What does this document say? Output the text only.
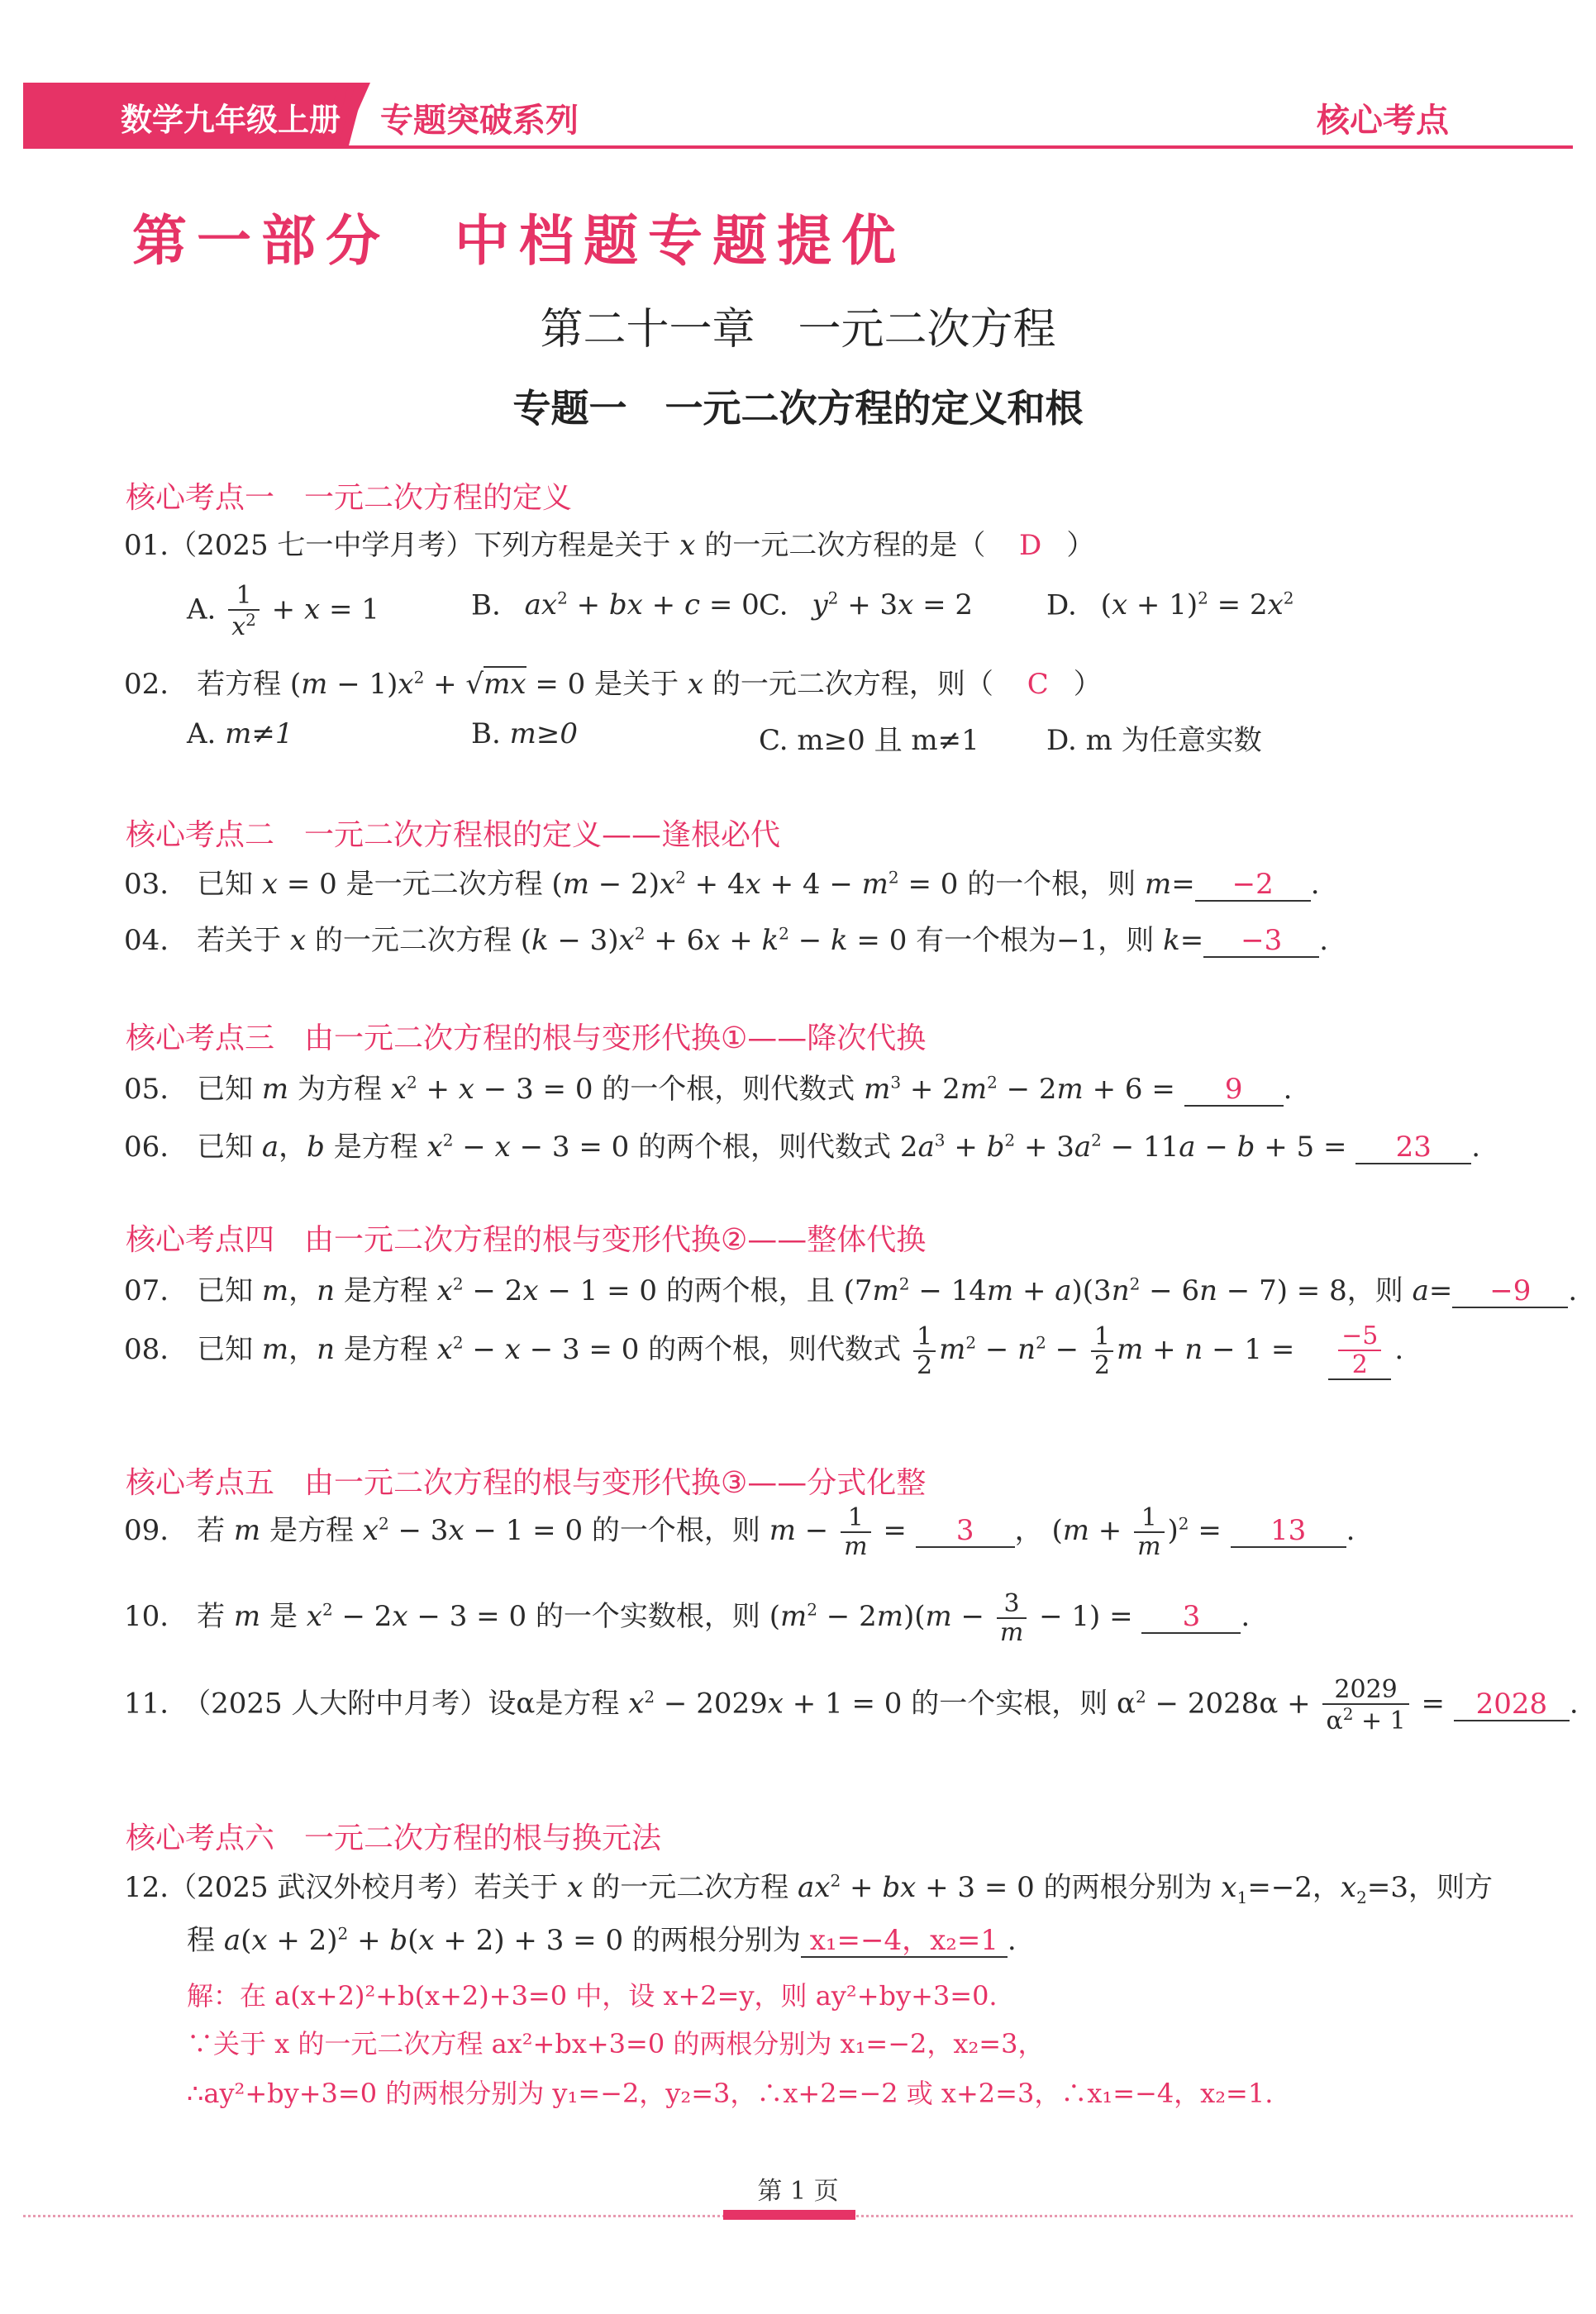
数学九年级上册 专题突破系列	核心考点
第一部分　中档题专题提优
第二十一章　一元二次方程
专题一　一元二次方程的定义和根
核心考点一　一元二次方程的定义
01.（2025 七一中学月考）下列方程是关于 x 的一元二次方程的是（ D ）
A. $\frac{1}{x^2} + x = 1$	B. $ax^2$ + bx + c = 0 C. $y^2 + 3x = 2$	D. $(x + 1)^2 = 2x^2$
02.　 若方程 $(m - 1)x^2 + √mx = 0$ 是关于 x 的一元二次方程，则（ C ）
A. m≠1	B. m≥0	C. m≥0 且 m≠1 D. m 为任意实数
核心考点二　一元二次方程根的定义——逢根必代
03.　 已知 x = 0 是一元二次方程 $(m - 2)x^2 + 4x + 4 - m^2 = 0$ 的一个根，则 m= −2 .
04.　 若关于 x 的一元二次方程 $(k - 3)x^2 + 6x + k^2 - k = 0$ 有一个根为−1，则 k= −3 .
核心考点三　由一元二次方程的根与变形代换①——降次代换
05.　 已知 m 为方程 $x^2 + x - 3 = 0$ 的一个根，则代数式 $m^3 + 2m^2 - 2m + 6 = 9$ .
06.　 已知 a，b 是方程 $x^2 - x - 3 = 0$ 的两个根，则代数式 $2a^3 + b^2 + 3a^2 - 11a - b + 5 = 23$ .
核心考点四　由一元二次方程的根与变形代换②——整体代换
07.　 已知 m，n 是方程 $x^2 - 2x - 1 = 0$ 的两个根，且 $(7m^2 - 14m + a)(3n^2 - 6n - 7) = 8$，则 a= −9 .
08.　 已知 m，n 是方程 $x^2 - x - 3 = 0$ 的两个根，则代数式 $\frac{1}{2} m^2 - n^2 - \frac{1}{2}$ $m + n - 1 = \frac{-5}{2}$ .
核心考点五　由一元二次方程的根与变形代换③——分式化整
09.　 若 m 是方程 $x^2 - 3x - 1 = 0$ 的一个根，则 $m - \frac{1}{m} = 3$ ， $(m + \frac{1}{m} )^2 = 13$ .
10.　 若 m 是 $x^2 - 2x - 3 = 0$ 的一个实数根，则 $(m^2 - 2m)(m - \frac{3}{m} - 1) = 3$ .
11.　 （2025 人大附中月考）设α是方程 $x^2 - 2029x + 1 = 0$ 的一个实根，则 $\alpha^2 - 2028\alpha + \frac{2029}{\alpha^2 + 1} = 2028$ .
核心考点六　一元二次方程的根与换元法
12.（2025 武汉外校月考）若关于 x 的一元二次方程 $ax^2$ + bx + 3 = 0 的两根分别为 $x_1=-2$，$x_2=3$，则方
程 $a(x + 2)^2 + b(x + 2) + 3 = 0$ 的两根分别为 x₁=−4，x₂=1 .
解：在 a(x+2)²+b(x+2)+3=0 中，设 x+2=y，则 ay²+by+3=0.
∵关于 x 的一元二次方程 ax²+bx+3=0 的两根分别为 x₁=−2，x₂=3，
∴ay²+by+3=0 的两根分别为 y₁=−2，y₂=3，∴x+2=−2 或 x+2=3，∴x₁=−4，x₂=1.
第 1 页
